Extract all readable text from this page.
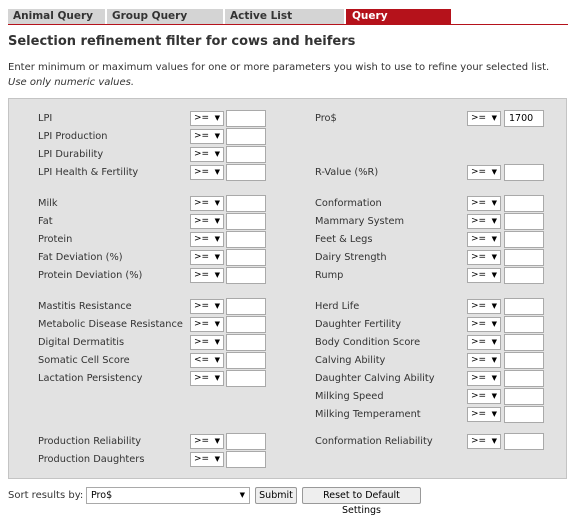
Animal Query	Group Query	Active List	Query Refinement
Selection refinement filter for cows and heifers
Enter minimum or maximum values for one or more parameters you wish to use to refine your selected list. Use only numeric values.
LPI	>= ▼
LPI Production	>= ▼
LPI Durability	>= ▼
LPI Health & Fertility	>= ▼
Milk	>= ▼
Fat	>= ▼
Protein	>= ▼
Fat Deviation (%)	>= ▼
Protein Deviation (%)	>= ▼
Mastitis Resistance	>= ▼
Metabolic Disease Resistance	>= ▼
Digital Dermatitis	>= ▼
Somatic Cell Score	<= ▼
Lactation Persistency	>= ▼
Production Reliability	>= ▼
Production Daughters	>= ▼
Pro$	>= ▼	1700
R-Value (%R)	>= ▼
Conformation	>= ▼
Mammary System	>= ▼
Feet & Legs	>= ▼
Dairy Strength	>= ▼
Rump	>= ▼
Herd Life	>= ▼
Daughter Fertility	>= ▼
Body Condition Score	>= ▼
Calving Ability	>= ▼
Daughter Calving Ability	>= ▼
Milking Speed	>= ▼
Milking Temperament	>= ▼
Conformation Reliability	>= ▼
Sort results by: Pro$	▼	Submit	Reset to Default Settings
